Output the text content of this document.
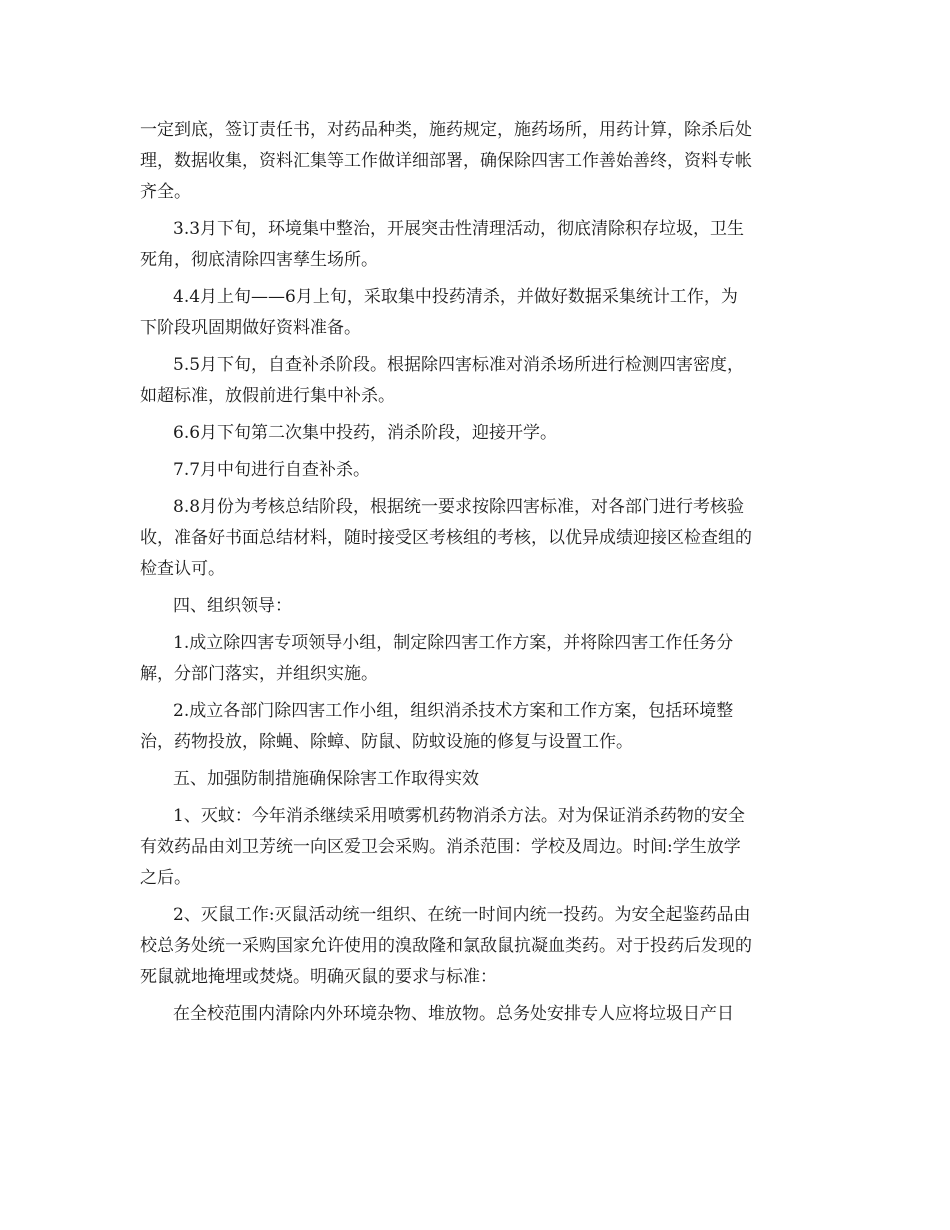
一定到底，签订责任书，对药品种类，施药规定，施药场所，用药计算，除杀后处
理，数据收集，资料汇集等工作做详细部署，确保除四害工作善始善终，资料专帐
齐全。
3.3月下旬，环境集中整治，开展突击性清理活动，彻底清除积存垃圾，卫生
死角，彻底清除四害孳生场所。
4.4月上旬——6月上旬，采取集中投药清杀，并做好数据采集统计工作，为
下阶段巩固期做好资料准备。
5.5月下旬，自查补杀阶段。根据除四害标准对消杀场所进行检测四害密度，
如超标准，放假前进行集中补杀。
6.6月下旬第二次集中投药，消杀阶段，迎接开学。
7.7月中旬进行自查补杀。
8.8月份为考核总结阶段，根据统一要求按除四害标准，对各部门进行考核验
收，准备好书面总结材料，随时接受区考核组的考核，以优异成绩迎接区检查组的
检查认可。
四、组织领导：
1.成立除四害专项领导小组，制定除四害工作方案，并将除四害工作任务分
解，分部门落实，并组织实施。
2.成立各部门除四害工作小组，组织消杀技术方案和工作方案，包括环境整
治，药物投放，除蝇、除蟑、防鼠、防蚊设施的修复与设置工作。
五、加强防制措施确保除害工作取得实效
1、灭蚊：今年消杀继续采用喷雾机药物消杀方法。对为保证消杀药物的安全
有效药品由刘卫芳统一向区爱卫会采购。消杀范围：学校及周边。时间:学生放学
之后。
2、灭鼠工作:灭鼠活动统一组织、在统一时间内统一投药。为安全起鉴药品由
校总务处统一采购国家允许使用的溴敌隆和氯敌鼠抗凝血类药。对于投药后发现的
死鼠就地掩埋或焚烧。明确灭鼠的要求与标准：
在全校范围内清除内外环境杂物、堆放物。总务处安排专人应将垃圾日产日
